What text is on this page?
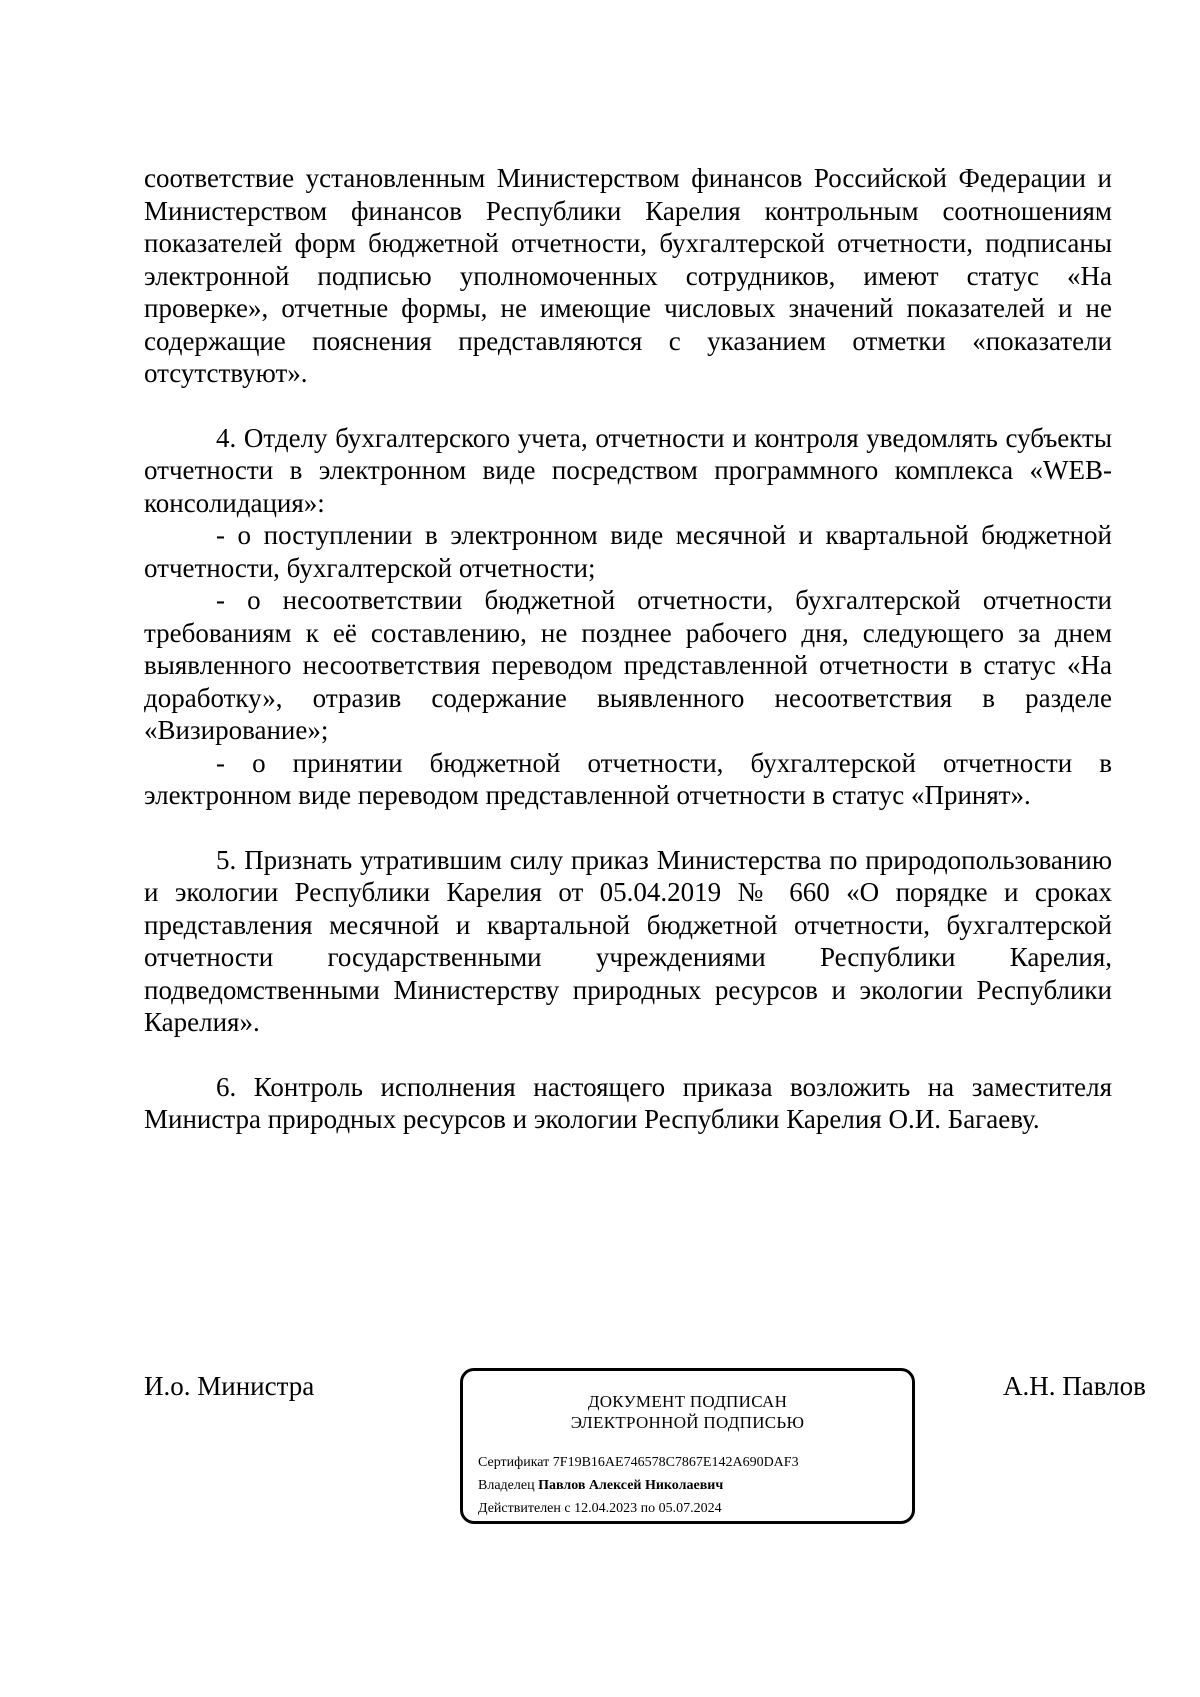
соответствие установленным Министерством финансов Российской Федерации и Министерством финансов Республики Карелия контрольным соотношениям показателей форм бюджетной отчетности, бухгалтерской отчетности, подписаны электронной подписью уполномоченных сотрудников, имеют статус «На проверке», отчетные формы, не имеющие числовых значений показателей и не содержащие пояснения представляются с указанием отметки «показатели отсутствуют».

4. Отделу бухгалтерского учета, отчетности и контроля уведомлять субъекты отчетности в электронном виде посредством программного комплекса «WEB-консолидация»:

- о поступлении в электронном виде месячной и квартальной бюджетной отчетности, бухгалтерской отчетности;

- о несоответствии бюджетной отчетности, бухгалтерской отчетности требованиям к её составлению, не позднее рабочего дня, следующего за днем выявленного несоответствия переводом представленной отчетности в статус «На доработку», отразив содержание выявленного несоответствия в разделе «Визирование»;

- о принятии бюджетной отчетности, бухгалтерской отчетности в электронном виде переводом представленной отчетности в статус «Принят».

5. Признать утратившим силу приказ Министерства по природопользованию и экологии Республики Карелия от 05.04.2019 № 660 «О порядке и сроках представления месячной и квартальной бюджетной отчетности, бухгалтерской отчетности государственными учреждениями Республики Карелия, подведомственными Министерству природных ресурсов и экологии Республики Карелия».

6. Контроль исполнения настоящего приказа возложить на заместителя Министра природных ресурсов и экологии Республики Карелия О.И. Багаеву.

И.о. Министра	А.Н. Павлов
ДОКУМЕНТ ПОДПИСАН
ЭЛЕКТРОННОЙ ПОДПИСЬЮ
Сертификат 7F19B16AE746578C7867E142A690DAF3
Владелец Павлов Алексей Николаевич
Действителен с 12.04.2023 по 05.07.2024
